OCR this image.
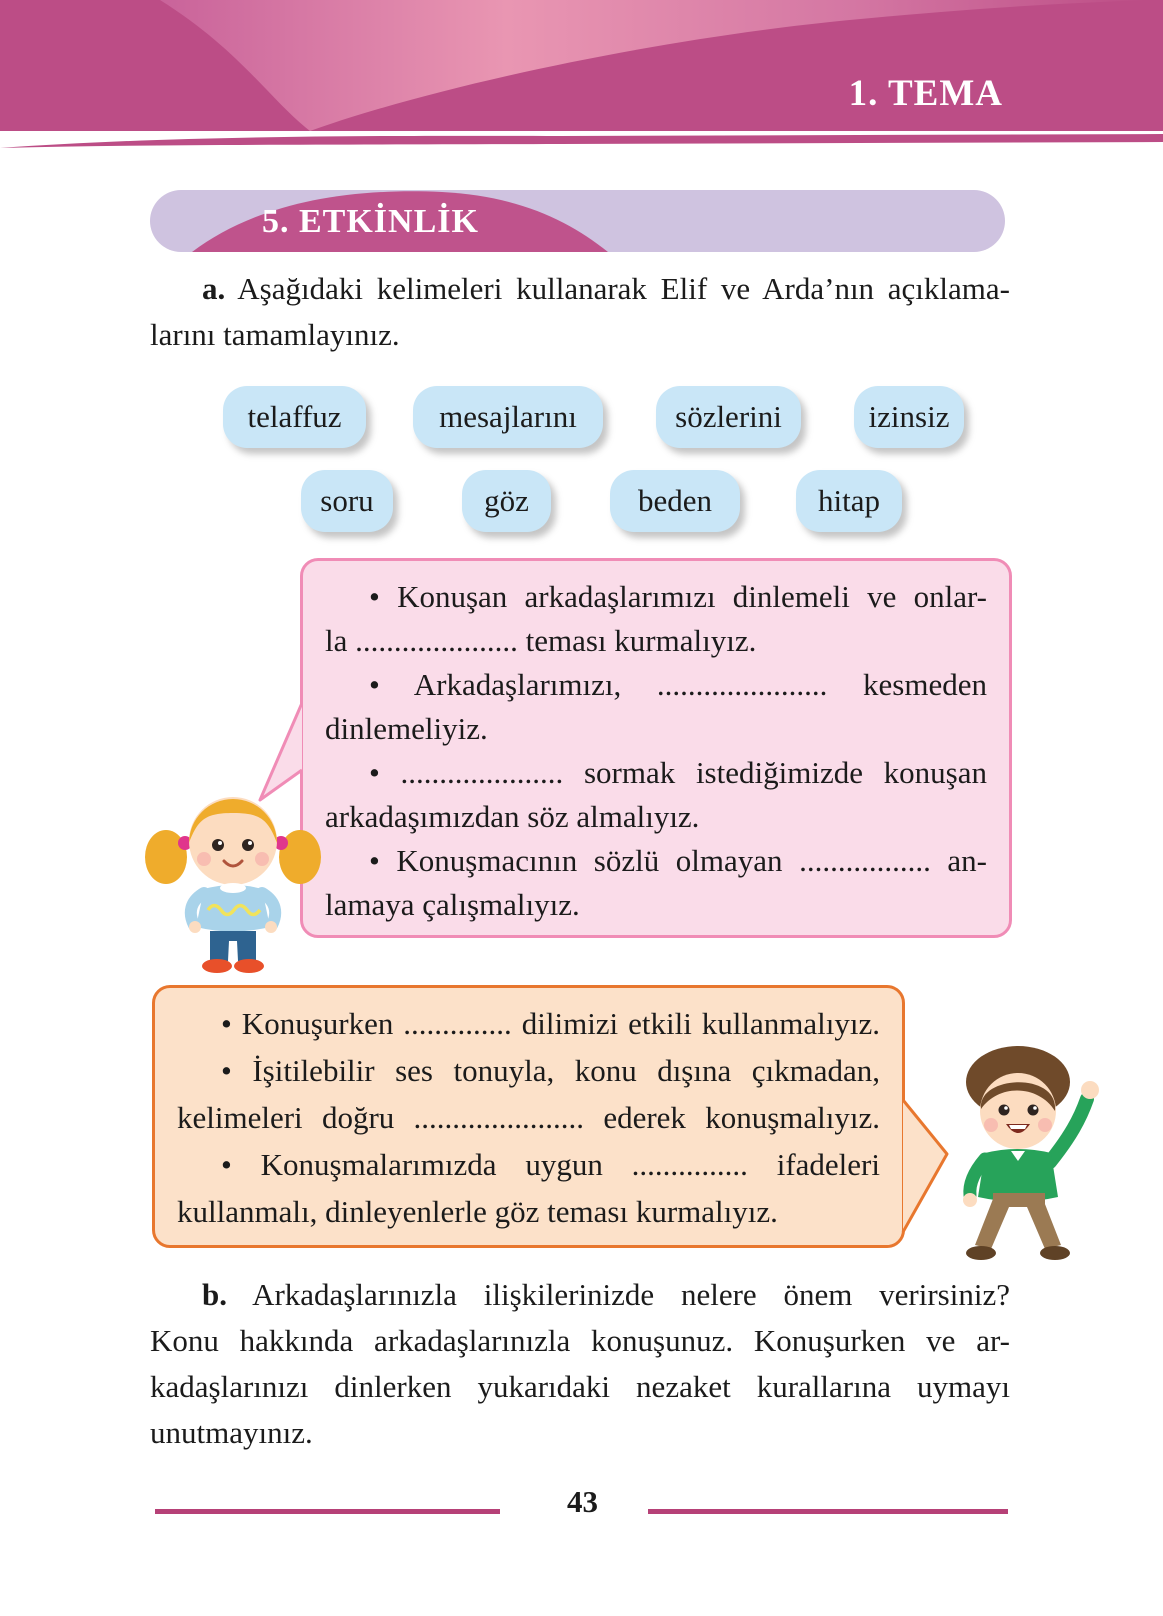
1. TEMA
5. ETKİNLİK
a. Aşağıdaki kelimeleri kullanarak Elif ve Arda’nın açıklama-
larını tamamlayınız.
telaffuz	mesajlarını	sözlerini	izinsiz
soru	göz	beden	hitap
• Konuşan arkadaşlarımızı dinlemeli ve onlar-
la ..................... teması kurmalıyız.
• Arkadaşlarımızı, ...................... kesmeden
dinlemeliyiz.
• ..................... sormak istediğimizde konuşan
arkadaşımızdan söz almalıyız.
• Konuşmacının sözlü olmayan ................. an-
lamaya çalışmalıyız.
• Konuşurken .............. dilimizi etkili kullanmalıyız.
• İşitilebilir ses tonuyla, konu dışına çıkmadan,
kelimeleri doğru ...................... ederek konuşmalıyız.
• Konuşmalarımızda uygun ............... ifadeleri
kullanmalı, dinleyenlerle göz teması kurmalıyız.
b. Arkadaşlarınızla ilişkilerinizde nelere önem verirsiniz?
Konu hakkında arkadaşlarınızla konuşunuz. Konuşurken ve ar-
kadaşlarınızı dinlerken yukarıdaki nezaket kurallarına uymayı
unutmayınız.
43
